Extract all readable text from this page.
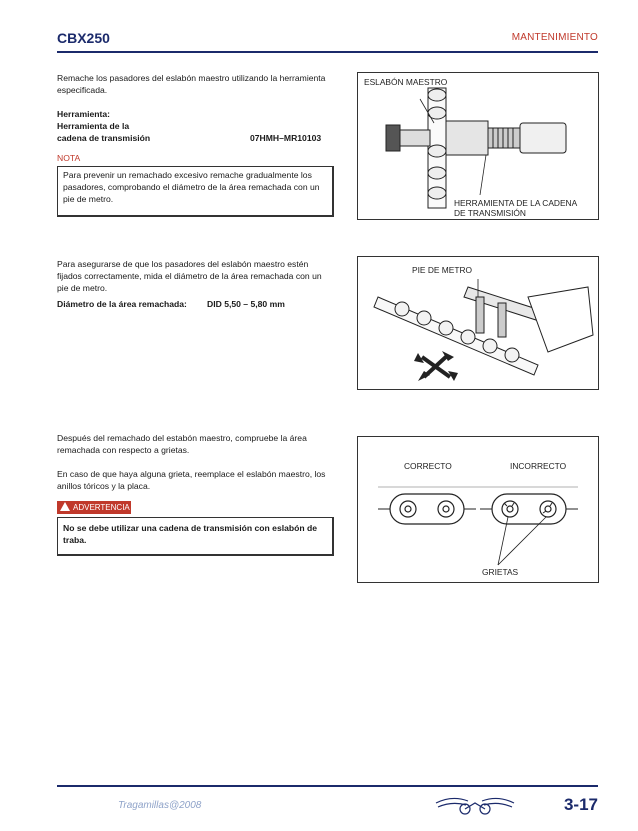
CBX250	MANTENIMIENTO
Remache los pasadores del eslabón maestro utilizando la herramienta especificada.
Herramienta:
Herramienta de la
cadena de transmisión	07HMH–MR10103
NOTA
Para prevenir un remachado excesivo remache gradualmente los pasadores, comprobando el diámetro de la área remachada con un pie de metro.
ESLABÓN MAESTRO
HERRAMIENTA DE LA CADENA
DE TRANSMISIÓN
Para asegurarse de que los pasadores del eslabón maestro estén fijados correctamente, mida el diámetro de la área remachada con un pie de metro.
Diámetro de la área remachada: DID 5,50 – 5,80 mm
PIE DE METRO
Después del remachado del estabón maestro, compruebe la área remachada con respecto a grietas.
En caso de que haya alguna grieta, reemplace el eslabón maestro, los anillos tóricos y la placa.
ADVERTENCIA
No se debe utilizar una cadena de transmisión con eslabón de traba.
CORRECTO	INCORRECTO
GRIETAS
Tragamillas@2008	3-17
